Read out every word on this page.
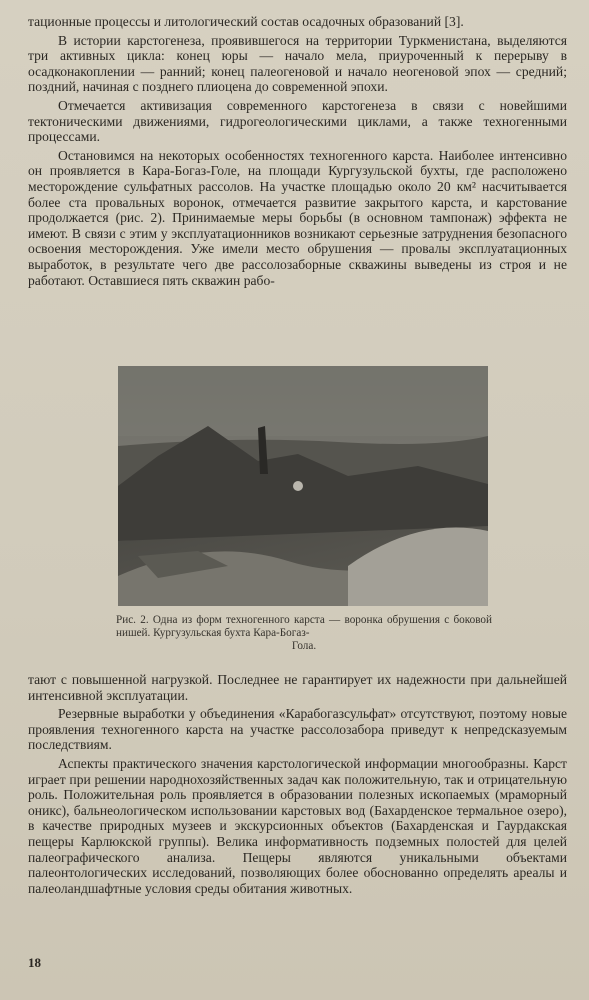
тационные процессы и литологический состав осадочных образований [3].

В истории карстогенеза, проявившегося на территории Туркменистана, выделяются три активных цикла: конец юры — начало мела, приуроченный к перерыву в осадконакоплении — ранний; конец палеогеновой и начало неогеновой эпох — средний; поздний, начиная с позднего плиоцена до современной эпохи.

Отмечается активизация современного карстогенеза в связи с новейшими тектоническими движениями, гидрогеологическими циклами, а также техногенными процессами.

Остановимся на некоторых особенностях техногенного карста. Наиболее интенсивно он проявляется в Кара-Богаз-Голе, на площади Кургузульской бухты, где расположено месторождение сульфатных рассолов. На участке площадью около 20 км² насчитывается более ста провальных воронок, отмечается развитие закрытого карста, и карстование продолжается (рис. 2). Принимаемые меры борьбы (в основном тампонаж) эффекта не имеют. В связи с этим у эксплуатационников возникают серьезные затруднения безопасного освоения месторождения. Уже имели место обрушения — провалы эксплуатационных выработок, в результате чего две рассолозаборные скважины выведены из строя и не работают. Оставшиеся пять скважин рабо-

Рис. 2. Одна из форм техногенного карста — воронка обрушения с боковой нишей. Кургузульская бухта Кара-Богаз-
Гола.

тают с повышенной нагрузкой. Последнее не гарантирует их надежности при дальнейшей интенсивной эксплуатации.

Резервные выработки у объединения «Карабогазсульфат» отсутствуют, поэтому новые проявления техногенного карста на участке рассолозабора приведут к непредсказуемым последствиям.

Аспекты практического значения карстологической информации многообразны. Карст играет при решении народнохозяйственных задач как положительную, так и отрицательную роль. Положительная роль проявляется в образовании полезных ископаемых (мраморный оникс), бальнеологическом использовании карстовых вод (Бахарденское термальное озеро), в качестве природных музеев и экскурсионных объектов (Бахарденская и Гаурдакская пещеры Карлюкской группы). Велика информативность подземных полостей для целей палеографического анализа. Пещеры являются уникальными объектами палеонтологических исследований, позволяющих более обоснованно определять ареалы и палеоландшафтные условия среды обитания животных.

18
